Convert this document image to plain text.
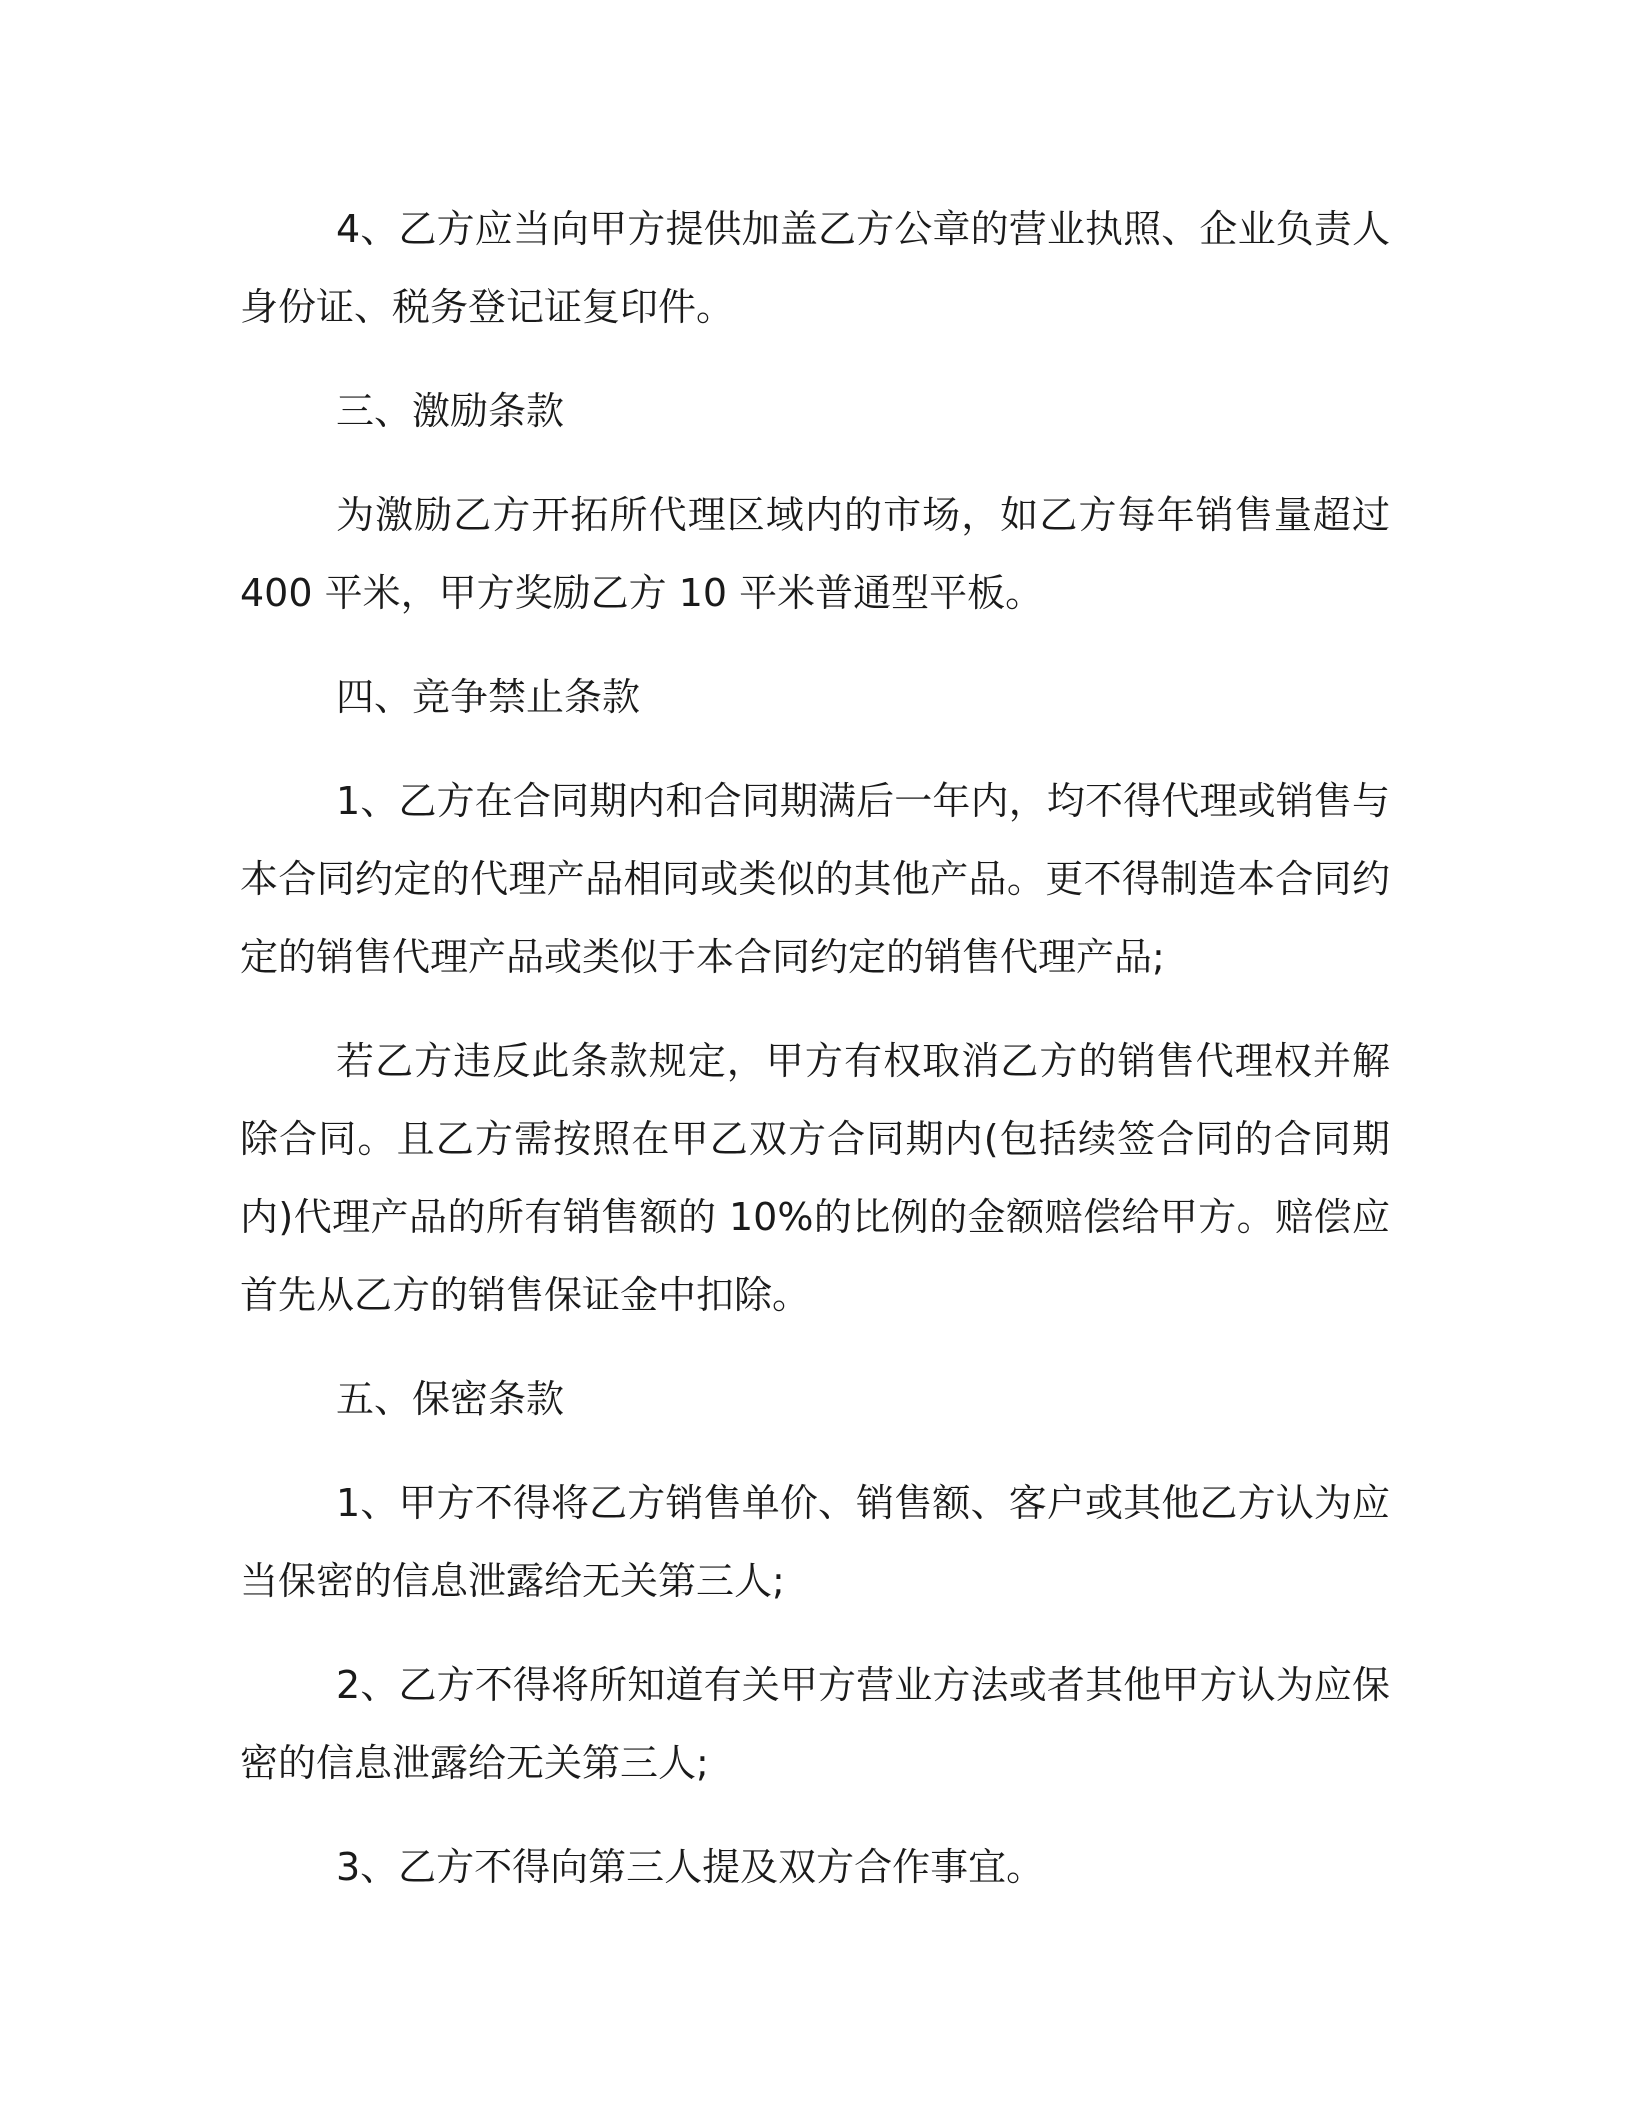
4、乙方应当向甲方提供加盖乙方公章的营业执照、企业负责人身份证、税务登记证复印件。

三、激励条款

为激励乙方开拓所代理区域内的市场，如乙方每年销售量超过 400 平米，甲方奖励乙方 10 平米普通型平板。

四、竞争禁止条款

1、乙方在合同期内和合同期满后一年内，均不得代理或销售与本合同约定的代理产品相同或类似的其他产品。更不得制造本合同约定的销售代理产品或类似于本合同约定的销售代理产品;

若乙方违反此条款规定，甲方有权取消乙方的销售代理权并解除合同。且乙方需按照在甲乙双方合同期内(包括续签合同的合同期内)代理产品的所有销售额的 10%的比例的金额赔偿给甲方。赔偿应首先从乙方的销售保证金中扣除。

五、保密条款

1、甲方不得将乙方销售单价、销售额、客户或其他乙方认为应当保密的信息泄露给无关第三人;

2、乙方不得将所知道有关甲方营业方法或者其他甲方认为应保密的信息泄露给无关第三人;

3、乙方不得向第三人提及双方合作事宜。
